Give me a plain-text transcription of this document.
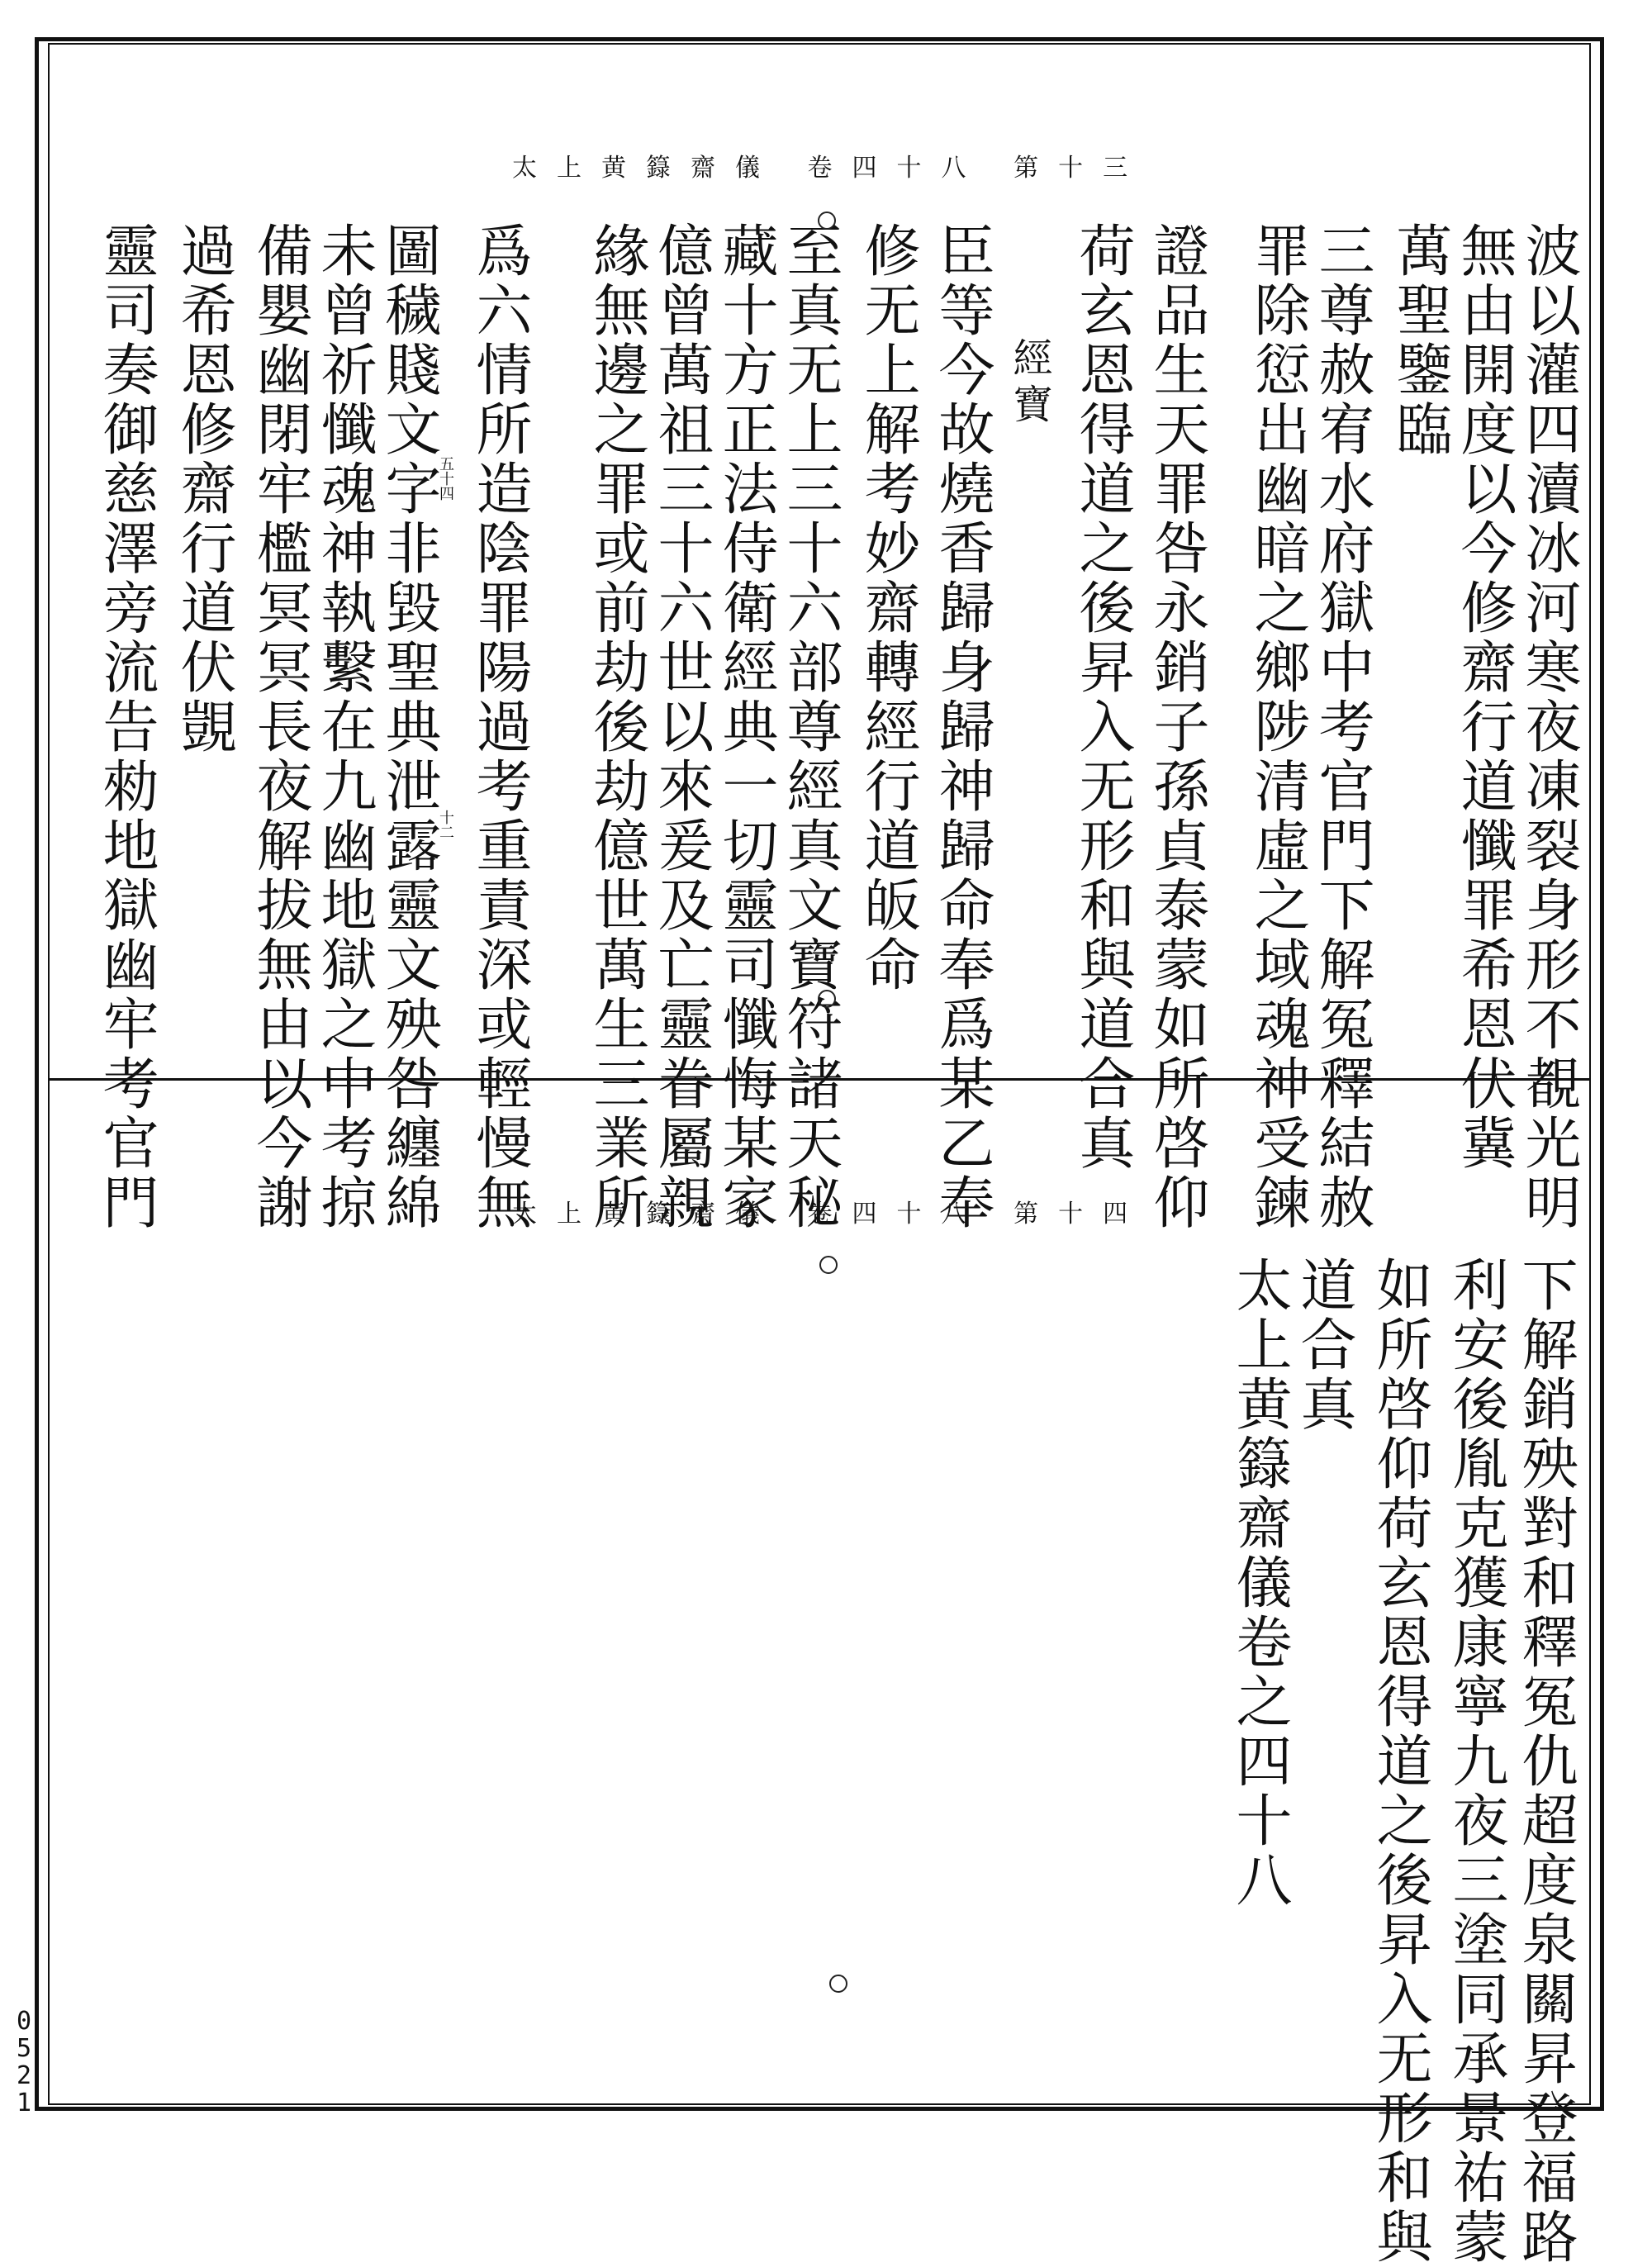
太上黄籙齋儀 卷四十八 第十三
波以灌四瀆冰河寒夜凍裂身形不覩光明
無由開度以今修齋行道懺罪希恩伏冀
萬聖鑒臨
三尊赦宥水府獄中考官門下解冤釋結赦
罪除愆出幽暗之鄉陟清虛之域魂神受鍊
證品生天罪咎永銷子孫貞泰蒙如所啓仰
荷玄恩得道之後昇入无形和與道合真
經寶
臣等今故燒香歸身歸神歸命奉爲某乙奉
修无上解考妙齋轉經行道皈命
至真无上三十六部尊經真文寶符諸天秘
藏十方正法侍衛經典一切靈司懺悔某家
億曾萬祖三十六世以來爰及亡靈眷屬親
緣無邊之罪或前劫後劫億世萬生三業所
爲六情所造陰罪陽過考重責深或輕慢無
圖穢賤文字非毀聖典泄露靈文殃咎纏綿
未曾祈懺魂神執繫在九幽地獄之中考掠
備嬰幽閉牢檻冥冥長夜解拔無由以今謝
過希恩修齋行道伏覬
靈司奏御慈澤旁流告勑地獄幽牢考官門	五十四
十二
太上黄籙齋儀 卷四十八 第十四
下解銷殃對和釋冤仇超度泉關昇登福路
利安後胤克獲康寧九夜三塗同承景祐蒙
如所啓仰荷玄恩得道之後昇入无形和與
道合真
太上黄籙齋儀卷之四十八
0521
